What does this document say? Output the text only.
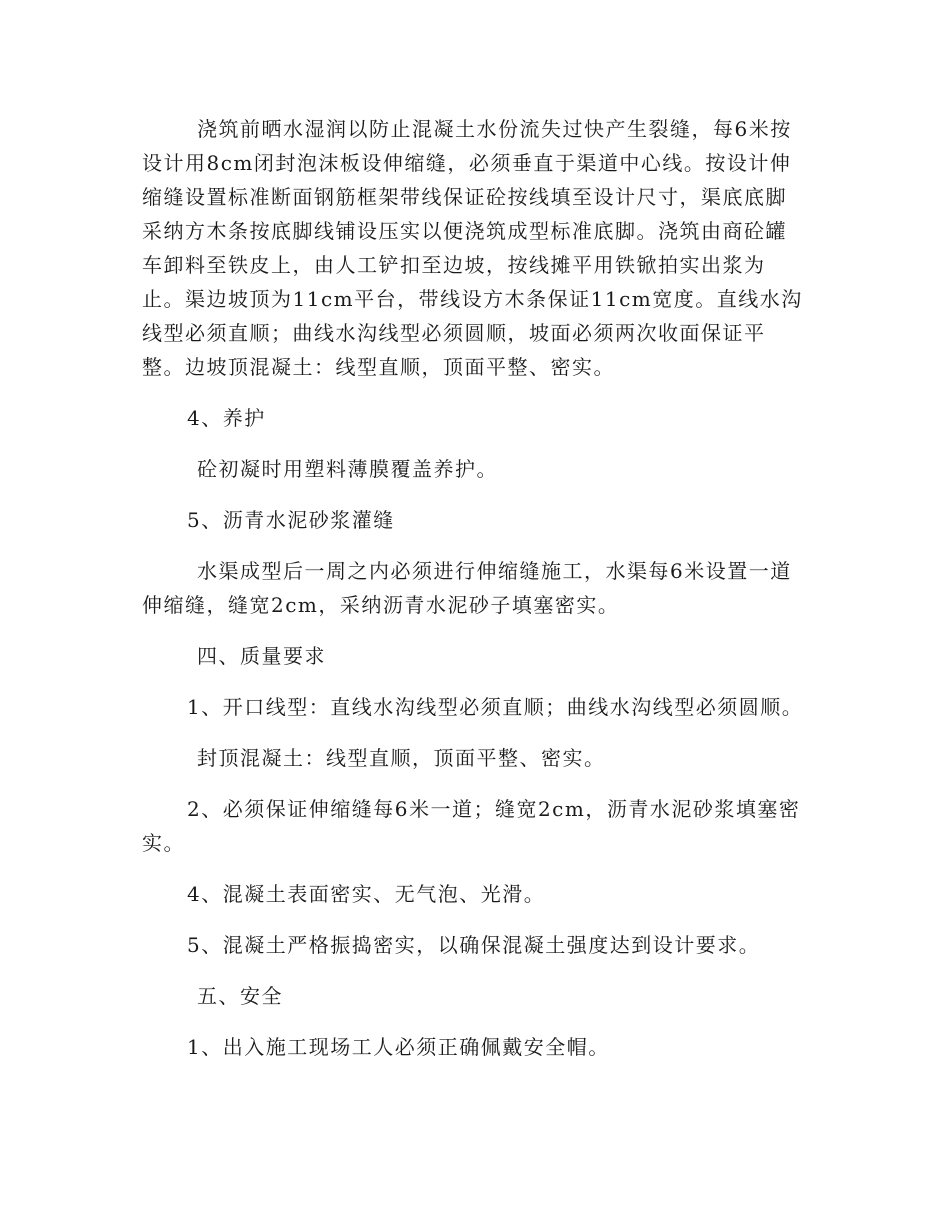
浇筑前晒水湿润以防止混凝土水份流失过快产生裂缝，每6米按设计用8cm闭封泡沫板设伸缩缝，必须垂直于渠道中心线。按设计伸缩缝设置标准断面钢筋框架带线保证砼按线填至设计尺寸，渠底底脚采纳方木条按底脚线铺设压实以便浇筑成型标准底脚。浇筑由商砼罐车卸料至铁皮上，由人工铲扣至边坡，按线摊平用铁锨拍实出浆为止。渠边坡顶为11cm平台，带线设方木条保证11cm宽度。直线水沟线型必须直顺；曲线水沟线型必须圆顺，坡面必须两次收面保证平整。边坡顶混凝土：线型直顺，顶面平整、密实。

4、养护

砼初凝时用塑料薄膜覆盖养护。

5、沥青水泥砂浆灌缝

水渠成型后一周之内必须进行伸缩缝施工，水渠每6米设置一道伸缩缝，缝宽2cm，采纳沥青水泥砂子填塞密实。

四、质量要求

1、开口线型：直线水沟线型必须直顺；曲线水沟线型必须圆顺。

封顶混凝土：线型直顺，顶面平整、密实。

2、必须保证伸缩缝每6米一道；缝宽2cm，沥青水泥砂浆填塞密实。

4、混凝土表面密实、无气泡、光滑。

5、混凝土严格振捣密实，以确保混凝土强度达到设计要求。

五、安全

1、出入施工现场工人必须正确佩戴安全帽。
